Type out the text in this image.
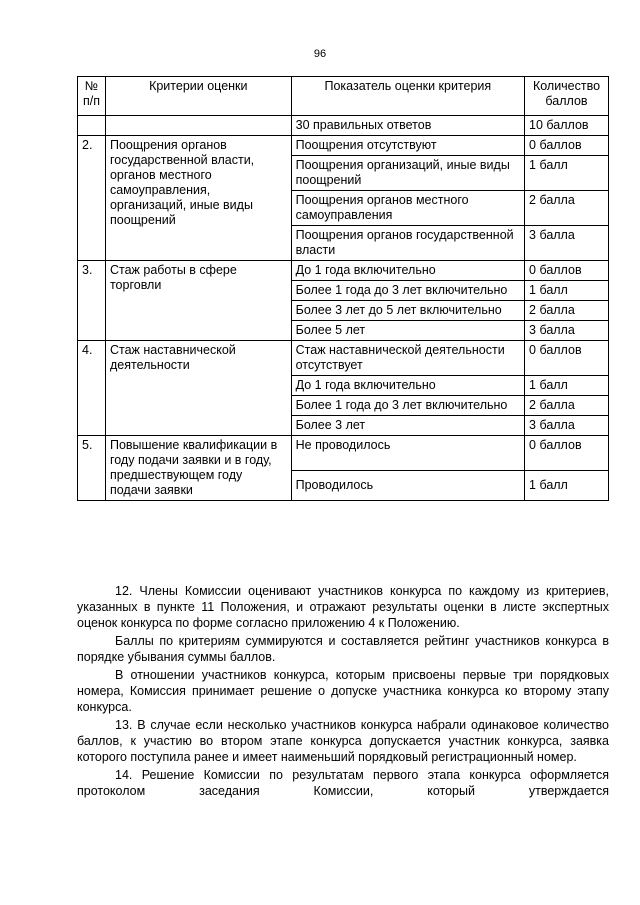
96
№ п/п	Критерии оценки	Показатель оценки критерия	Количество баллов
		30 правильных ответов	10 баллов
2.	Поощрения органов государственной власти, органов местного самоуправления, организаций, иные виды поощрений	Поощрения отсутствуют	0 баллов
		Поощрения организаций, иные виды поощрений	1 балл
		Поощрения органов местного самоуправления	2 балла
		Поощрения органов государственной власти	3 балла
3.	Стаж работы в сфере торговли	До 1 года включительно	0 баллов
		Более 1 года до 3 лет включительно	1 балл
		Более 3 лет до 5 лет включительно	2 балла
		Более 5 лет	3 балла
4.	Стаж наставнической деятельности	Стаж наставнической деятельности отсутствует	0 баллов
		До 1 года включительно	1 балл
		Более 1 года до 3 лет включительно	2 балла
		Более 3 лет	3 балла
5.	Повышение квалификации в году подачи заявки и в году, предшествующем году подачи заявки	Не проводилось	0 баллов
		Проводилось	1 балл

12. Члены Комиссии оценивают участников конкурса по каждому из критериев, указанных в пункте 11 Положения, и отражают результаты оценки в листе экспертных оценок конкурса по форме согласно приложению 4 к Положению.

Баллы по критериям суммируются и составляется рейтинг участников конкурса в порядке убывания суммы баллов.

В отношении участников конкурса, которым присвоены первые три порядковых номера, Комиссия принимает решение о допуске участника конкурса ко второму этапу конкурса.

13. В случае если несколько участников конкурса набрали одинаковое количество баллов, к участию во втором этапе конкурса допускается участник конкурса, заявка которого поступила ранее и имеет наименьший порядковый регистрационный номер.

14. Решение Комиссии по результатам первого этапа конкурса оформляется протоколом заседания Комиссии, который утверждается
